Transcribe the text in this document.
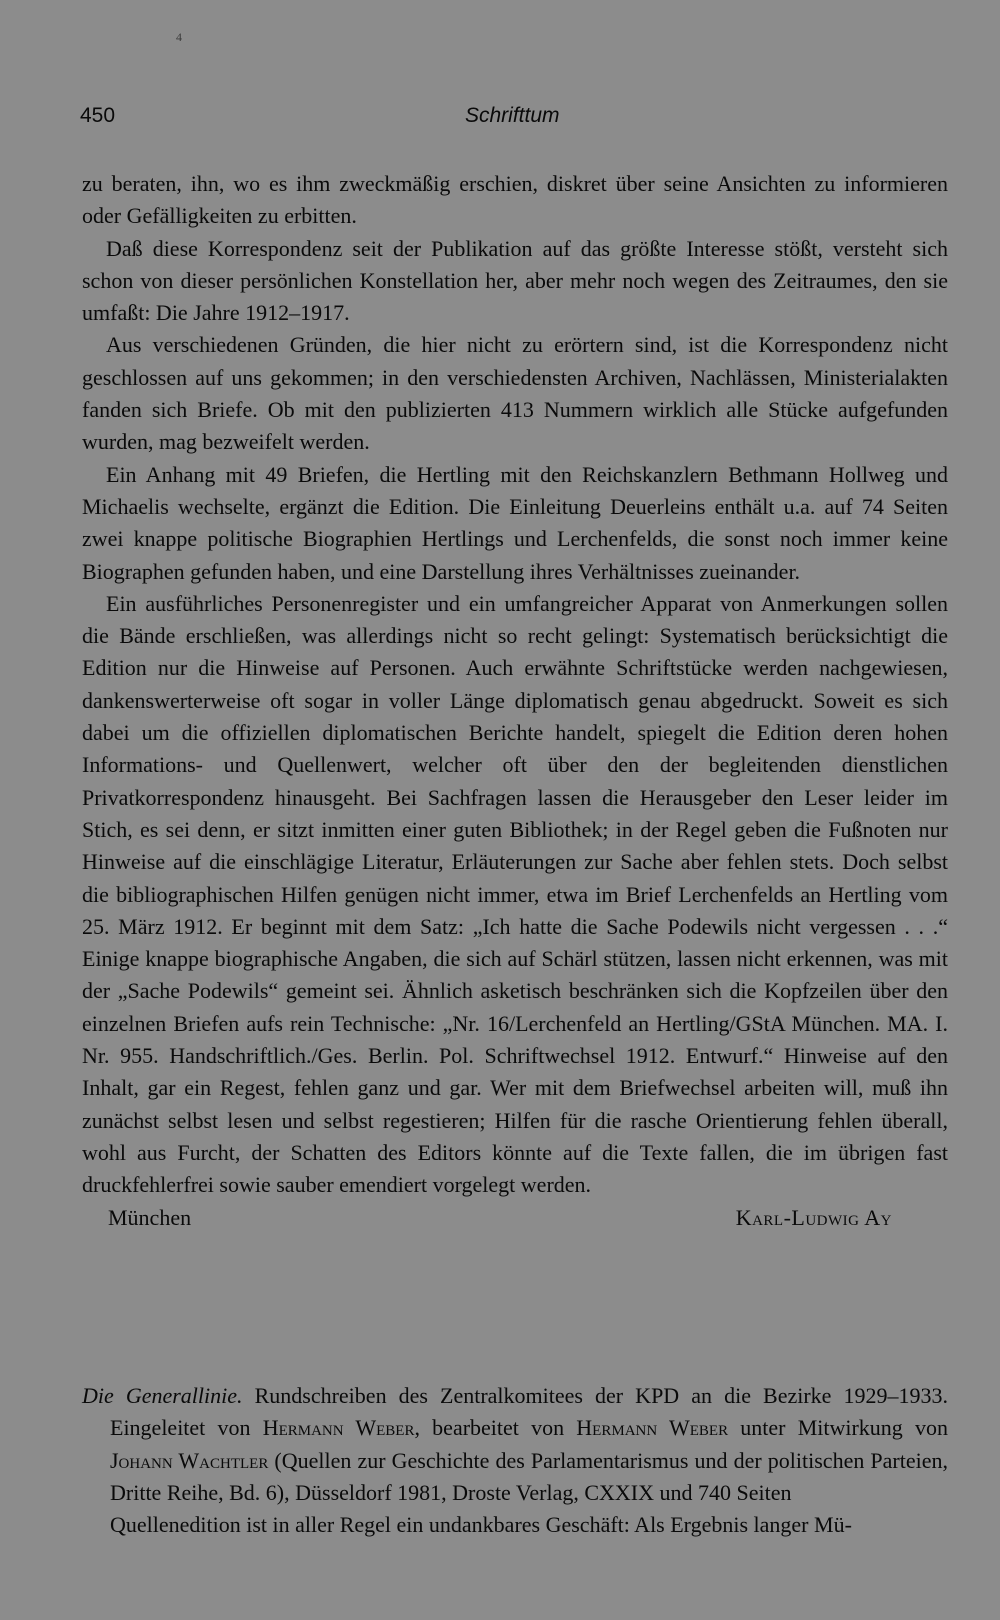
4
450	Schrifttum

zu beraten, ihn, wo es ihm zweckmäßig erschien, diskret über seine Ansichten zu informieren oder Gefälligkeiten zu erbitten.

Daß diese Korrespondenz seit der Publikation auf das größte Interesse stößt, versteht sich schon von dieser persönlichen Konstellation her, aber mehr noch wegen des Zeitraumes, den sie umfaßt: Die Jahre 1912–1917.

Aus verschiedenen Gründen, die hier nicht zu erörtern sind, ist die Korrespondenz nicht geschlossen auf uns gekommen; in den verschiedensten Archiven, Nachlässen, Ministerialakten fanden sich Briefe. Ob mit den publizierten 413 Nummern wirklich alle Stücke aufgefunden wurden, mag bezweifelt werden.

Ein Anhang mit 49 Briefen, die Hertling mit den Reichskanzlern Bethmann Hollweg und Michaelis wechselte, ergänzt die Edition. Die Einleitung Deuerleins enthält u.a. auf 74 Seiten zwei knappe politische Biographien Hertlings und Lerchenfelds, die sonst noch immer keine Biographen gefunden haben, und eine Darstellung ihres Verhältnisses zueinander.

Ein ausführliches Personenregister und ein umfangreicher Apparat von Anmerkungen sollen die Bände erschließen, was allerdings nicht so recht gelingt: Systematisch berücksichtigt die Edition nur die Hinweise auf Personen. Auch erwähnte Schriftstücke werden nachgewiesen, dankenswerterweise oft sogar in voller Länge diplomatisch genau abgedruckt. Soweit es sich dabei um die offiziellen diplomatischen Berichte handelt, spiegelt die Edition deren hohen Informations- und Quellenwert, welcher oft über den der begleitenden dienstlichen Privatkorrespondenz hinausgeht. Bei Sachfragen lassen die Herausgeber den Leser leider im Stich, es sei denn, er sitzt inmitten einer guten Bibliothek; in der Regel geben die Fußnoten nur Hinweise auf die einschlägige Literatur, Erläuterungen zur Sache aber fehlen stets. Doch selbst die bibliographischen Hilfen genügen nicht immer, etwa im Brief Lerchenfelds an Hertling vom 25. März 1912. Er beginnt mit dem Satz: „Ich hatte die Sache Podewils nicht vergessen . . .“ Einige knappe biographische Angaben, die sich auf Schärl stützen, lassen nicht erkennen, was mit der „Sache Podewils“ gemeint sei. Ähnlich asketisch beschränken sich die Kopfzeilen über den einzelnen Briefen aufs rein Technische: „Nr. 16/Lerchenfeld an Hertling/GStA München. MA. I. Nr. 955. Handschriftlich./Ges. Berlin. Pol. Schriftwechsel 1912. Entwurf.“ Hinweise auf den Inhalt, gar ein Regest, fehlen ganz und gar. Wer mit dem Briefwechsel arbeiten will, muß ihn zunächst selbst lesen und selbst regestieren; Hilfen für die rasche Orientierung fehlen überall, wohl aus Furcht, der Schatten des Editors könnte auf die Texte fallen, die im übrigen fast druckfehlerfrei sowie sauber emendiert vorgelegt werden.

München	Karl-Ludwig Ay

Die Generallinie. Rundschreiben des Zentralkomitees der KPD an die Bezirke 1929–1933. Eingeleitet von Hermann Weber, bearbeitet von Hermann Weber unter Mitwirkung von Johann Wachtler (Quellen zur Geschichte des Parlamentarismus und der politischen Parteien, Dritte Reihe, Bd. 6), Düsseldorf 1981, Droste Verlag, CXXIX und 740 Seiten

Quellenedition ist in aller Regel ein undankbares Geschäft: Als Ergebnis langer Mü-
